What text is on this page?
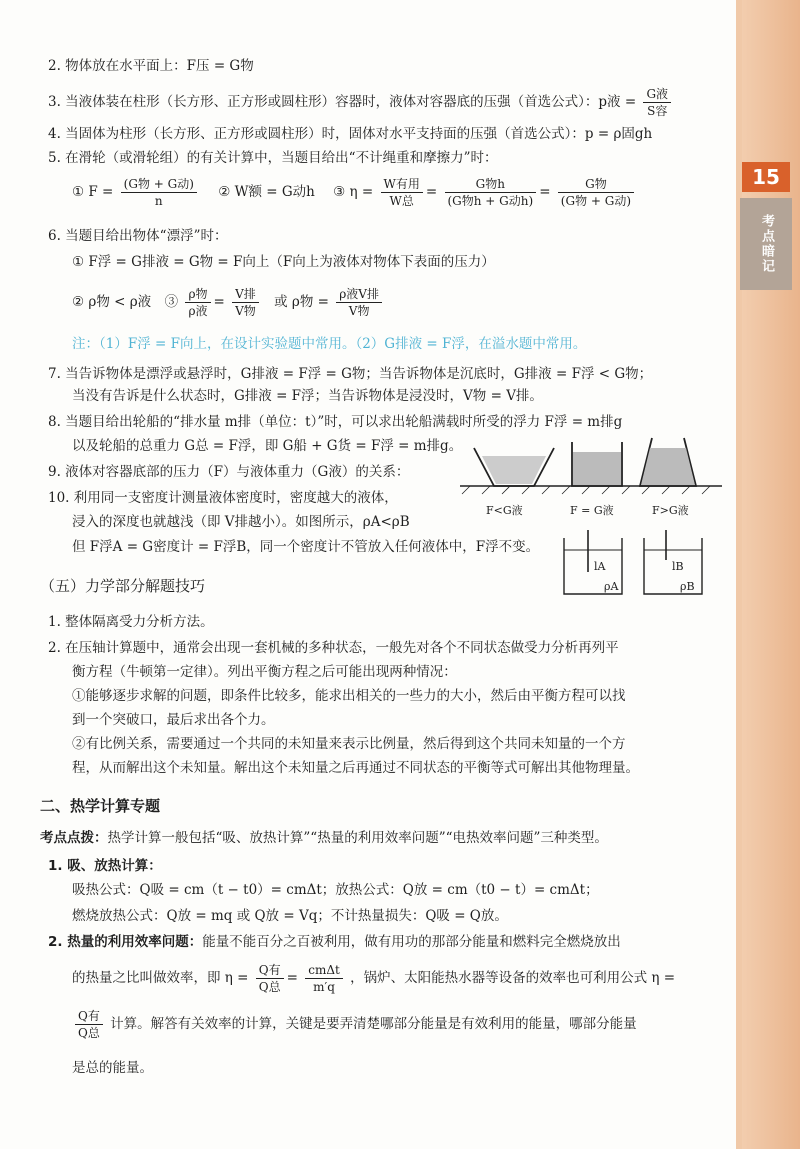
15
考点暗记
2. 物体放在水平面上：F压 = G物
3. 当液体装在柱形（长方形、正方形或圆柱形）容器时，液体对容器底的压强（首选公式）：p液 = $\frac{\text{G液}}{\text{S容}}$
4. 当固体为柱形（长方形、正方形或圆柱形）时，固体对水平支持面的压强（首选公式）：p = ρ固gh
5. 在滑轮（或滑轮组）的有关计算中，当题目给出“不计绳重和摩擦力”时：
① $F = \frac{\text{(G物 + G动)}}{n}$ ② W额 = G动h ③ $\eta = \frac{\text{W有用}}{\text{W总}} = \frac{\text{G物h}}{\text{(G物h + G动h)}} = \frac{\text{G物}}{\text{(G物 + G动)}}$
6. 当题目给出物体“漂浮”时：
① F浮 = G排液 = G物 = F向上（F向上为液体对物体下表面的压力）
② ρ物 < ρ液　③ $\frac{\text{ρ物}}{\text{ρ液}} = \frac{\text{V排}}{\text{V物}}$ 或 ρ物 = $\frac{\text{ρ液V排}}{\text{V物}}$
注：（1）F浮 = F向上，在设计实验题中常用。（2）G排液 = F浮，在溢水题中常用。
7. 当告诉物体是漂浮或悬浮时，G排液 = F浮 = G物；当告诉物体是沉底时，G排液 = F浮 < G物；
当没有告诉是什么状态时，G排液 = F浮；当告诉物体是浸没时，V物 = V排。
8. 当题目给出轮船的“排水量 m排（单位：t）”时，可以求出轮船满载时所受的浮力 F浮 = m排g
以及轮船的总重力 G总 = F浮，即 G船 + G货 = F浮 = m排g。
9. 液体对容器底部的压力（F）与液体重力（G液）的关系：
10. 利用同一支密度计测量液体密度时，密度越大的液体，
浸入的深度也就越浅（即 V排越小）。如图所示，ρA<ρB
但 F浮A = G密度计 = F浮B，同一个密度计不管放入任何液体中，F浮不变。
F<G液	F = G液	F>G液
lA
ρA
lB
ρB
（五）力学部分解题技巧
1. 整体隔离受力分析方法。
2. 在压轴计算题中，通常会出现一套机械的多种状态，一般先对各个不同状态做受力分析再列平
衡方程（牛顿第一定律）。列出平衡方程之后可能出现两种情况：
①能够逐步求解的问题，即条件比较多，能求出相关的一些力的大小，然后由平衡方程可以找
到一个突破口，最后求出各个力。
②有比例关系，需要通过一个共同的未知量来表示比例量，然后得到这个共同未知量的一个方
程，从而解出这个未知量。解出这个未知量之后再通过不同状态的平衡等式可解出其他物理量。
二、热学计算专题
考点点拨：热学计算一般包括“吸、放热计算”“热量的利用效率问题”“电热效率问题”三种类型。
1. 吸、放热计算：
吸热公式：Q吸 = cm（t − t0）= cmΔt；放热公式：Q放 = cm（t0 − t）= cmΔt；
燃烧放热公式：Q放 = mq 或 Q放 = Vq；不计热量损失：Q吸 = Q放。
2. 热量的利用效率问题：能量不能百分之百被利用，做有用功的那部分能量和燃料完全燃烧放出
的热量之比叫做效率，即 $\eta = \frac{\text{Q有}}{\text{Q总}} = \frac{\text{cmΔt}}{m'q}$ ，锅炉、太阳能热水器等设备的效率也可利用公式 η =
$\frac{\text{Q有}}{\text{Q总}}$ 计算。解答有关效率的计算，关键是要弄清楚哪部分能量是有效利用的能量，哪部分能量
是总的能量。
